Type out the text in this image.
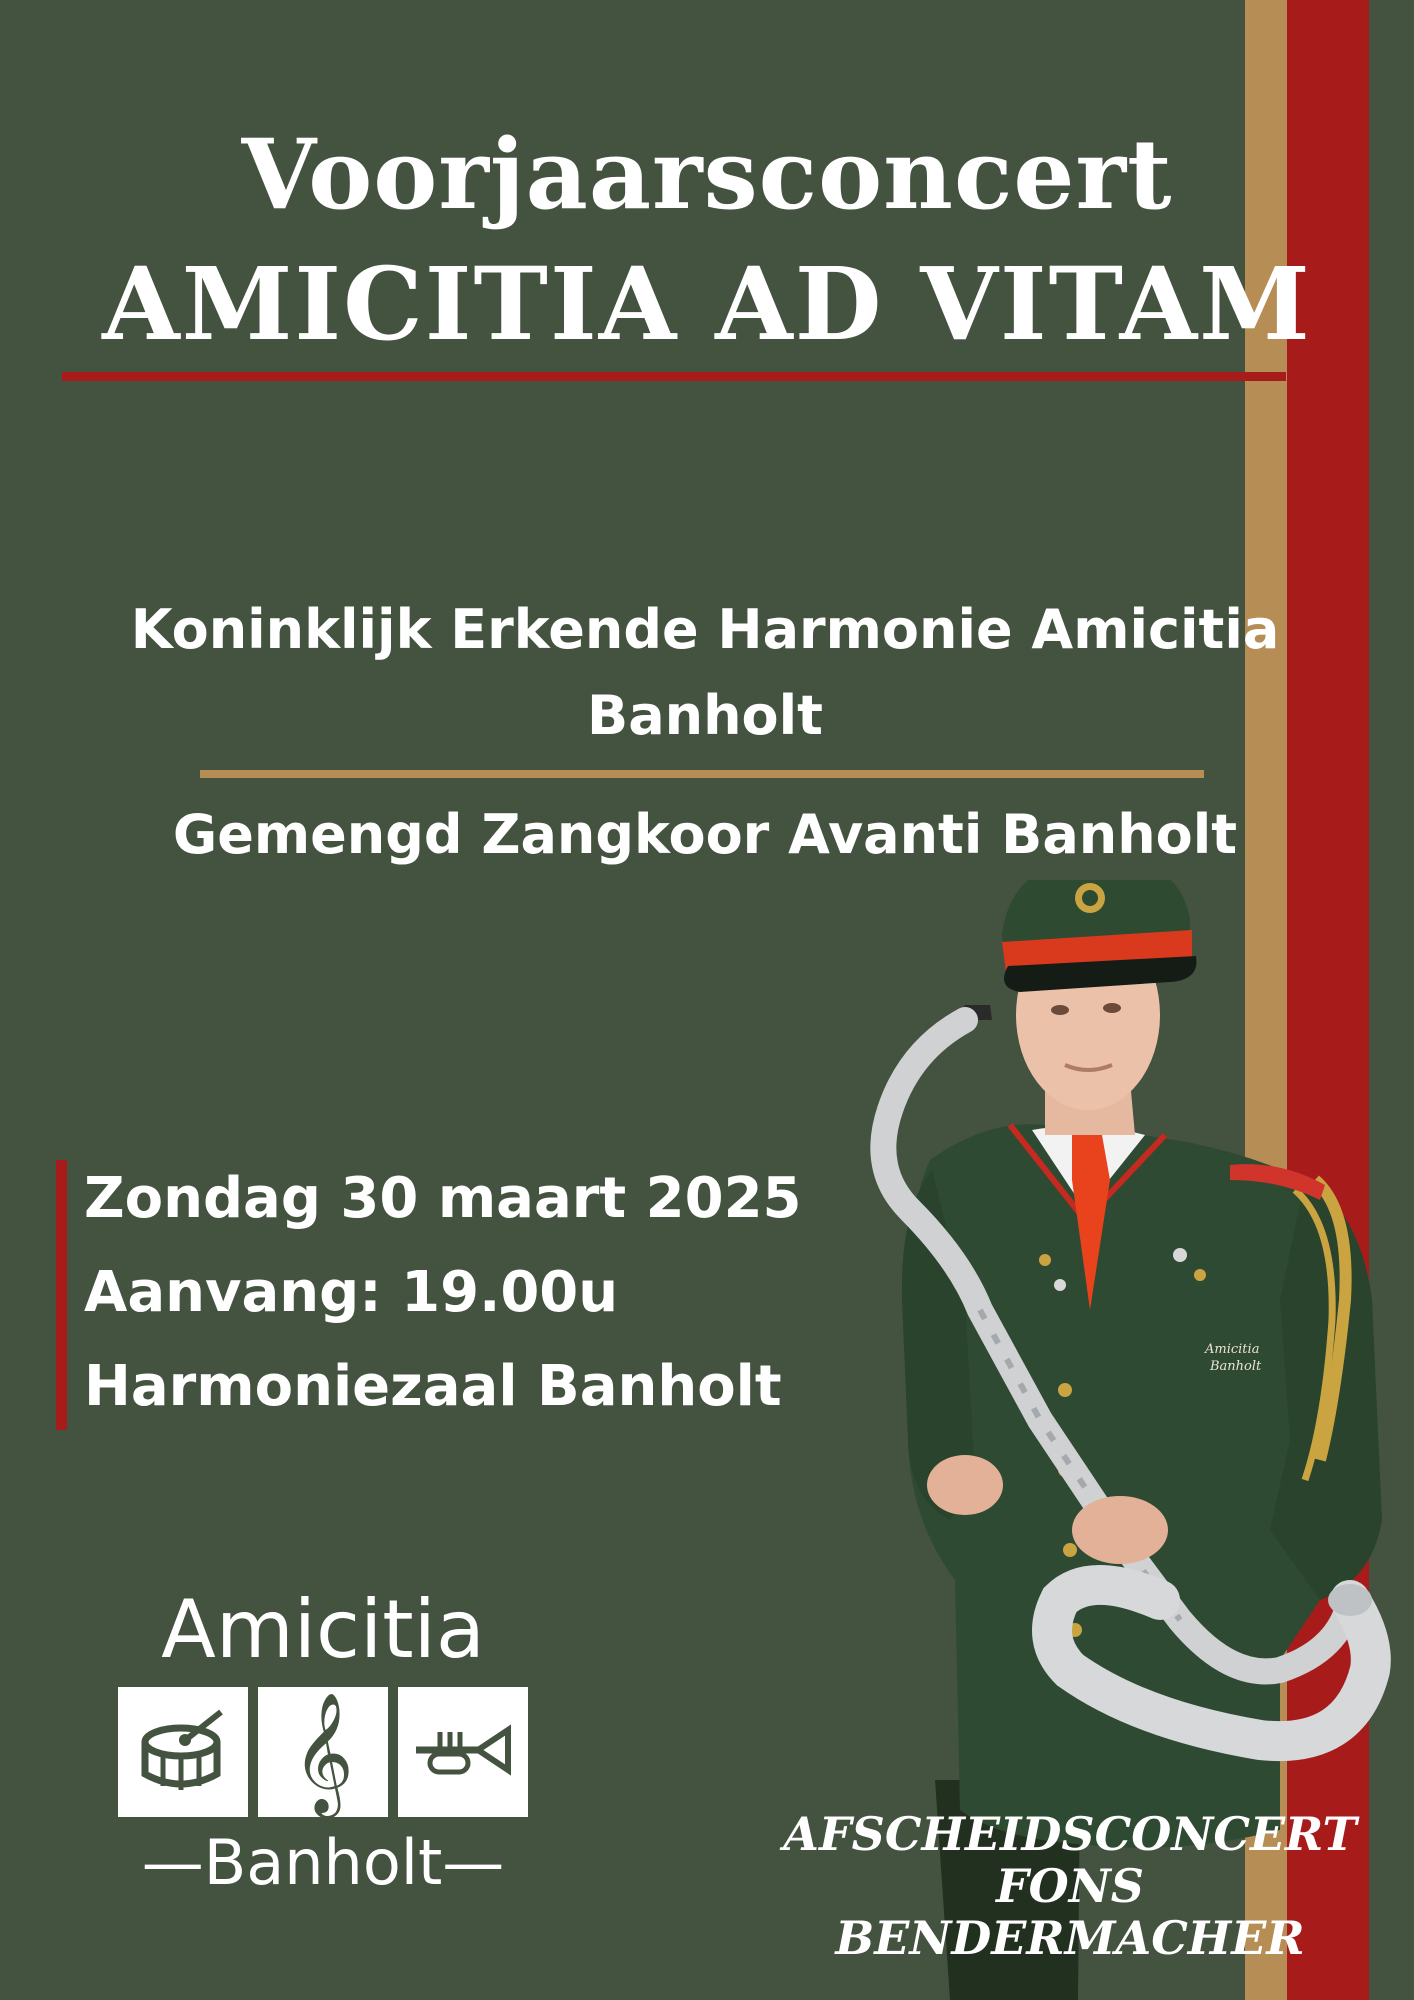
Voorjaarsconcert
AMICITIA AD VITAM
Koninklijk Erkende Harmonie Amicitia Banholt
Gemengd Zangkoor Avanti Banholt
Zondag 30 maart 2025
Aanvang: 19.00u
Harmoniezaal Banholt
Amicitia
Banholt
Amicitia
𝄞
—Banholt—	AFSCHEIDSCONCERT
FONS
BENDERMACHER
